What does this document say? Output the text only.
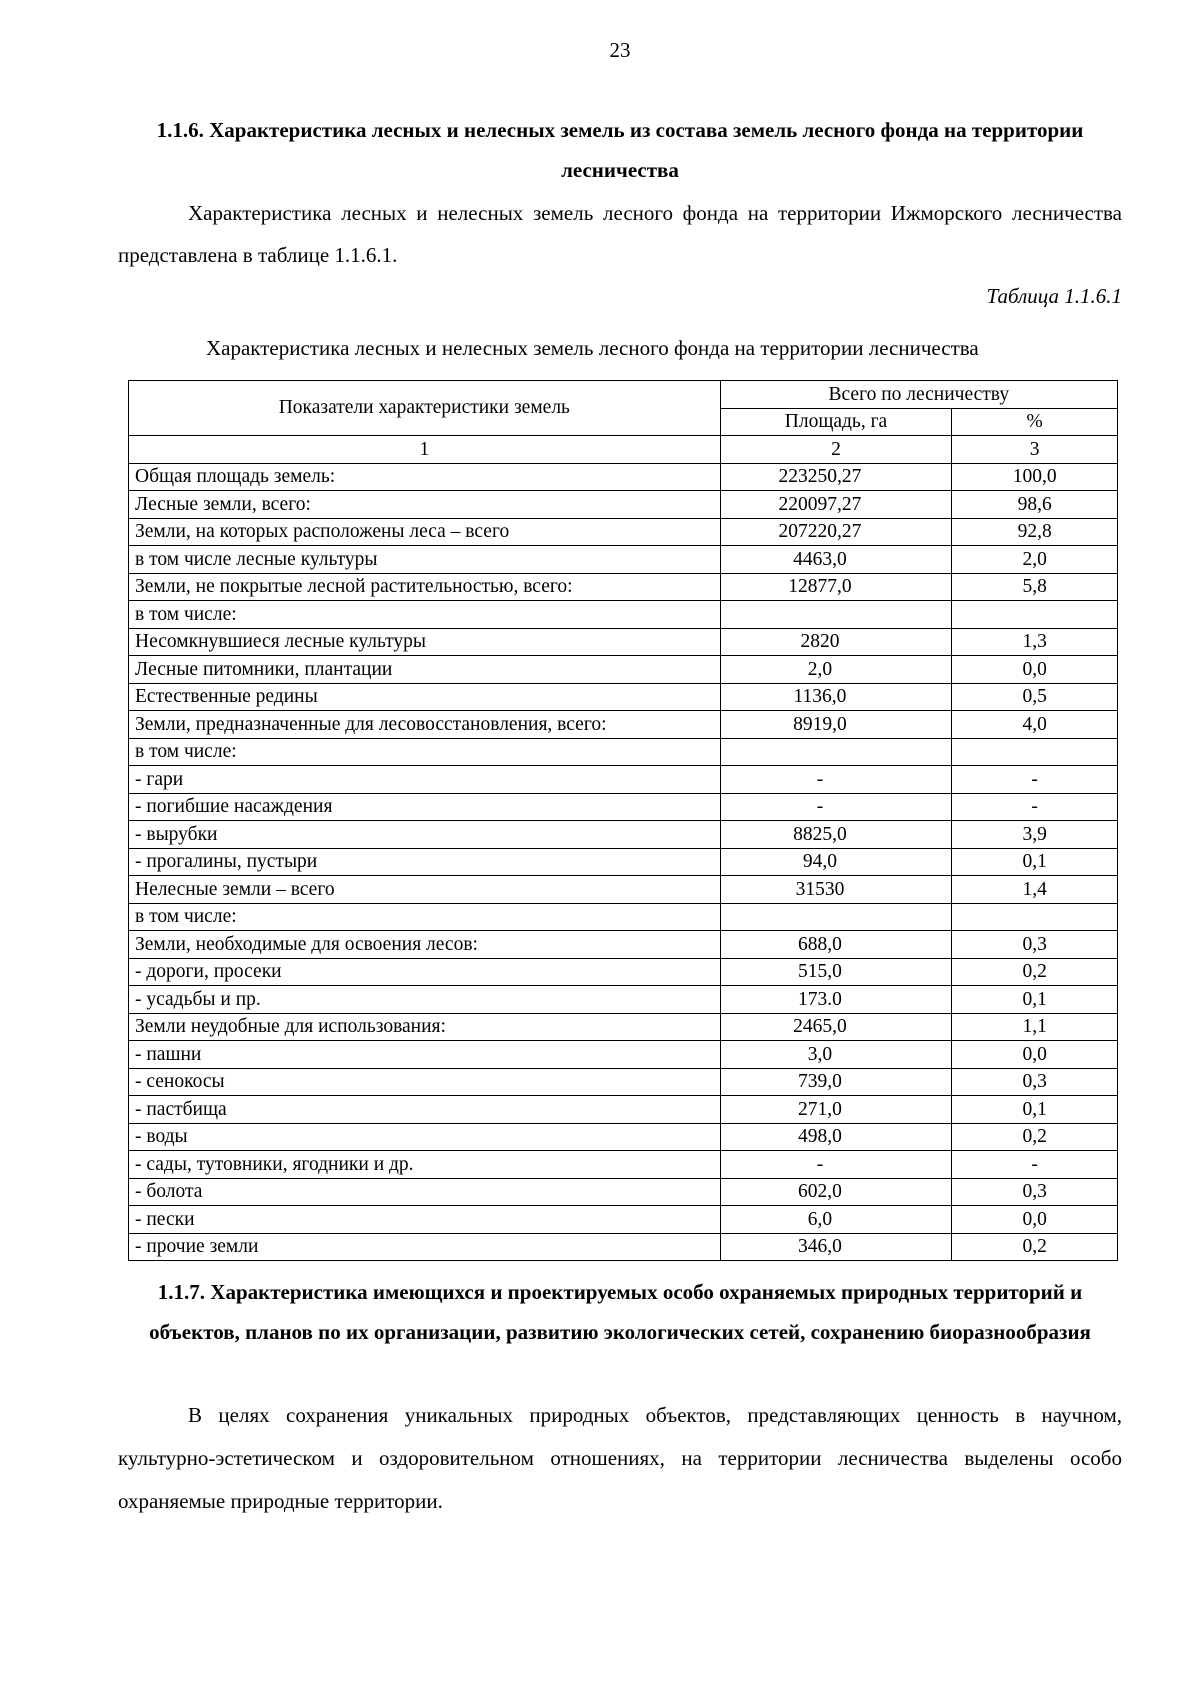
23
1.1.6. Характеристика лесных и нелесных земель из состава земель лесного фонда на территории лесничества
Характеристика лесных и нелесных земель лесного фонда на территории Ижморского лесничества представлена в таблице 1.1.6.1.
Таблица 1.1.6.1
Характеристика лесных и нелесных земель лесного фонда на территории лесничества
Показатели характеристики земель	Всего по лесничеству	
	Площадь, га	%
1	2	3
Общая площадь земель:	223250,27	100,0
Лесные земли, всего:	220097,27	98,6
Земли, на которых расположены леса – всего	207220,27	92,8
в том числе лесные культуры	4463,0	2,0
Земли, не покрытые лесной растительностью, всего:	12877,0	5,8
в том числе:		
Несомкнувшиеся лесные культуры	2820	1,3
Лесные питомники, плантации	2,0	0,0
Естественные редины	1136,0	0,5
Земли, предназначенные для лесовосстановления, всего:	8919,0	4,0
в том числе:		
- гари	-	-
- погибшие насаждения	-	-
- вырубки	8825,0	3,9
- прогалины, пустыри	94,0	0,1
Нелесные земли – всего	31530	1,4
в том числе:		
Земли, необходимые для освоения лесов:	688,0	0,3
- дороги, просеки	515,0	0,2
- усадьбы и пр.	173.0	0,1
Земли неудобные для использования:	2465,0	1,1
- пашни	3,0	0,0
- сенокосы	739,0	0,3
- пастбища	271,0	0,1
- воды	498,0	0,2
- сады, тутовники, ягодники и др.	-	-
- болота	602,0	0,3
- пески	6,0	0,0
- прочие земли	346,0	0,2
1.1.7. Характеристика имеющихся и проектируемых особо охраняемых природных территорий и объектов, планов по их организации, развитию экологических сетей, сохранению биоразнообразия
В целях сохранения уникальных природных объектов, представляющих ценность в научном, культурно-эстетическом и оздоровительном отношениях, на территории лесничества выделены особо охраняемые природные территории.
